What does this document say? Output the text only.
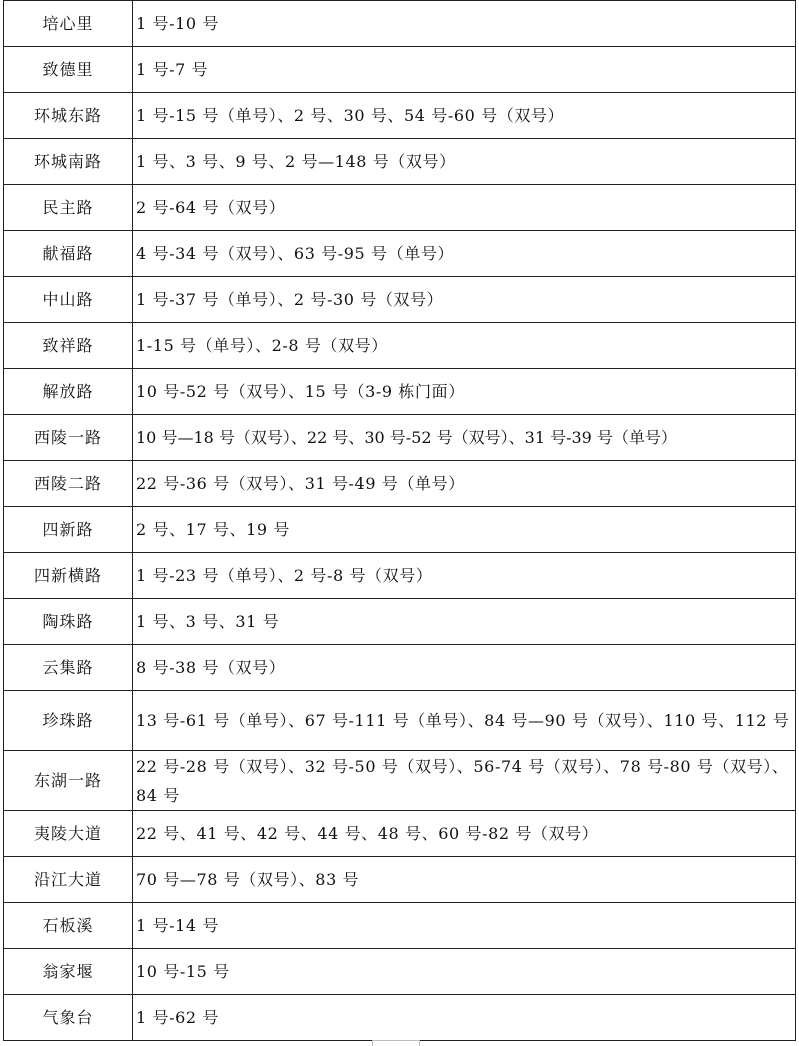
培心里	1 号-10 号
致德里	1 号-7 号
环城东路	1 号-15 号（单号）、2 号、30 号、54 号-60 号（双号）
环城南路	1 号、3 号、9 号、2 号—148 号（双号）
民主路	2 号-64 号（双号）
献福路	4 号-34 号（双号）、63 号-95 号（单号）
中山路	1 号-37 号（单号）、2 号-30 号（双号）
致祥路	1-15 号（单号）、2-8 号（双号）
解放路	10 号-52 号（双号）、15 号（3-9 栋门面）
西陵一路	10 号—18 号（双号）、22 号、30 号-52 号（双号）、31 号-39 号（单号）
西陵二路	22 号-36 号（双号）、31 号-49 号（单号）
四新路	2 号、17 号、19 号
四新横路	1 号-23 号（单号）、2 号-8 号（双号）
陶珠路	1 号、3 号、31 号
云集路	8 号-38 号（双号）
珍珠路	13 号-61 号（单号）、67 号-111 号（单号）、84 号—90 号（双号）、110 号、112 号
东湖一路	22 号-28 号（双号）、32 号-50 号（双号）、56-74 号（双号）、78 号-80 号（双号）、84 号
夷陵大道	22 号、41 号、42 号、44 号、48 号、60 号-82 号（双号）
沿江大道	70 号—78 号（双号）、83 号
石板溪	1 号-14 号
翁家堰	10 号-15 号
气象台	1 号-62 号
